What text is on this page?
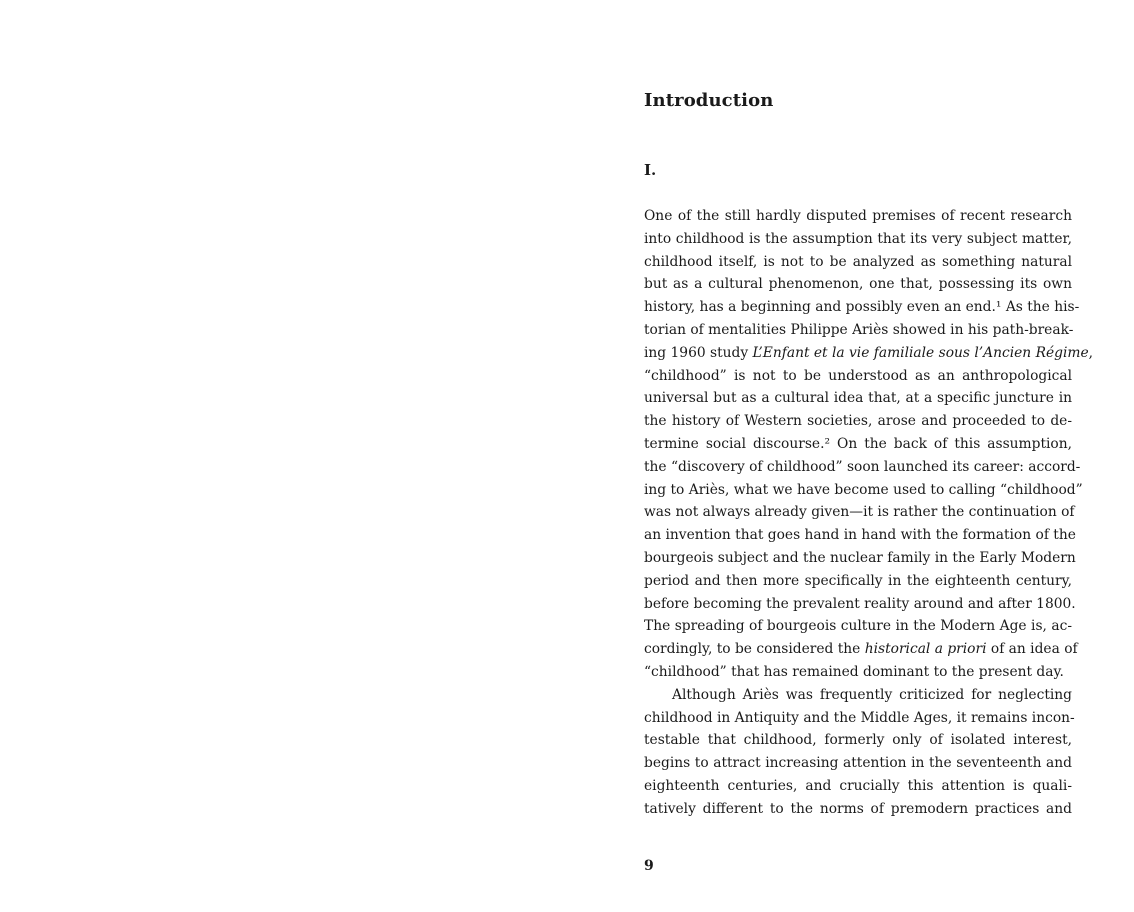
Introduction
I.
One of the still hardly disputed premises of recent research
into childhood is the assumption that its very subject matter,
childhood itself, is not to be analyzed as something natural
but as a cultural phenomenon, one that, possessing its own
history, has a beginning and possibly even an end.¹ As the his-
torian of mentalities Philippe Ariès showed in his path-break-
ing 1960 study L’Enfant et la vie familiale sous l’Ancien Régime,
“childhood” is not to be understood as an anthropological
universal but as a cultural idea that, at a specific juncture in
the history of Western societies, arose and proceeded to de-
termine social discourse.² On the back of this assumption,
the “discovery of childhood” soon launched its career: accord-
ing to Ariès, what we have become used to calling “childhood”
was not always already given—it is rather the continuation of
an invention that goes hand in hand with the formation of the
bourgeois subject and the nuclear family in the Early Modern
period and then more specifically in the eighteenth century,
before becoming the prevalent reality around and after 1800.
The spreading of bourgeois culture in the Modern Age is, ac-
cordingly, to be considered the historical a priori of an idea of
“childhood” that has remained dominant to the present day.
Although Ariès was frequently criticized for neglecting
childhood in Antiquity and the Middle Ages, it remains incon-
testable that childhood, formerly only of isolated interest,
begins to attract increasing attention in the seventeenth and
eighteenth centuries, and crucially this attention is quali-
tatively different to the norms of premodern practices and
9
